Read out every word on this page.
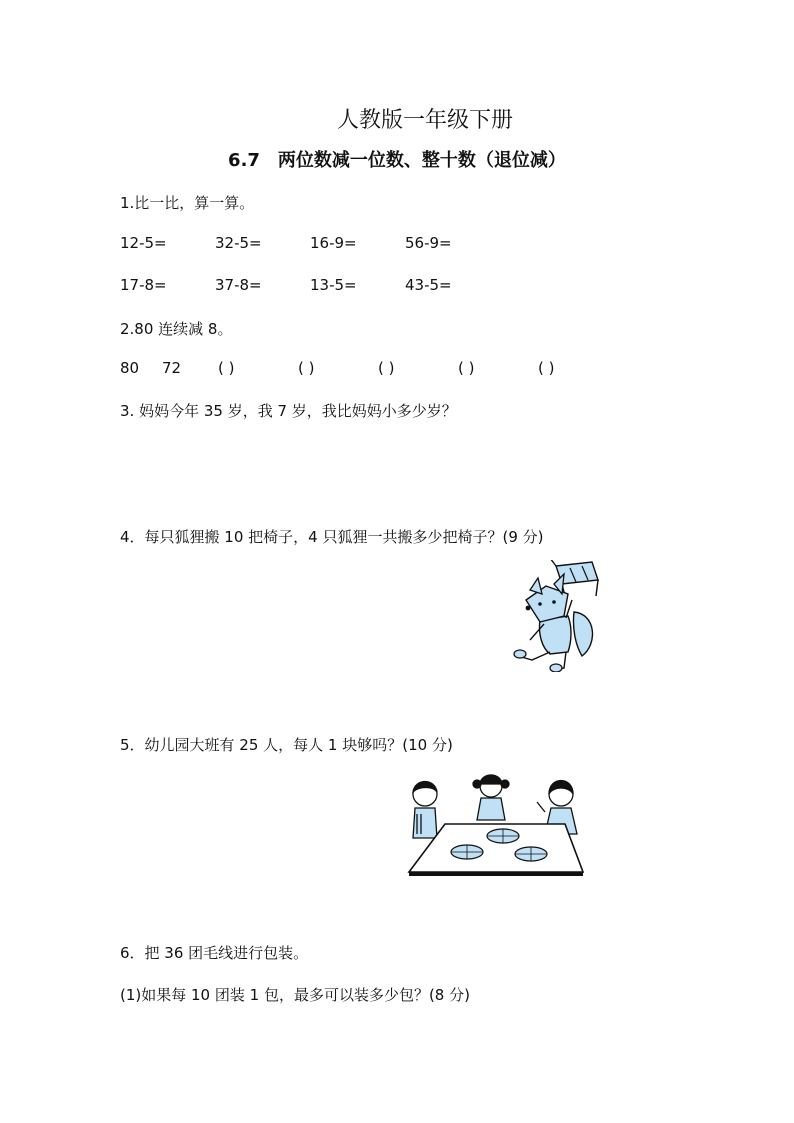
人教版一年级下册
6.7　两位数减一位数、整十数（退位减）
1.比一比，算一算。
12-5=	32-5=	16-9=	56-9=
17-8=	37-8=	13-5=	43-5=
2.80 连续减 8。
80 72 ( )	( )	( )	( )	( )
3. 妈妈今年 35 岁，我 7 岁，我比妈妈小多少岁？
4．每只狐狸搬 10 把椅子，4 只狐狸一共搬多少把椅子？(9 分)
5．幼儿园大班有 25 人，每人 1 块够吗？(10 分)
6．把 36 团毛线进行包装。
(1)如果每 10 团装 1 包，最多可以装多少包？(8 分)
